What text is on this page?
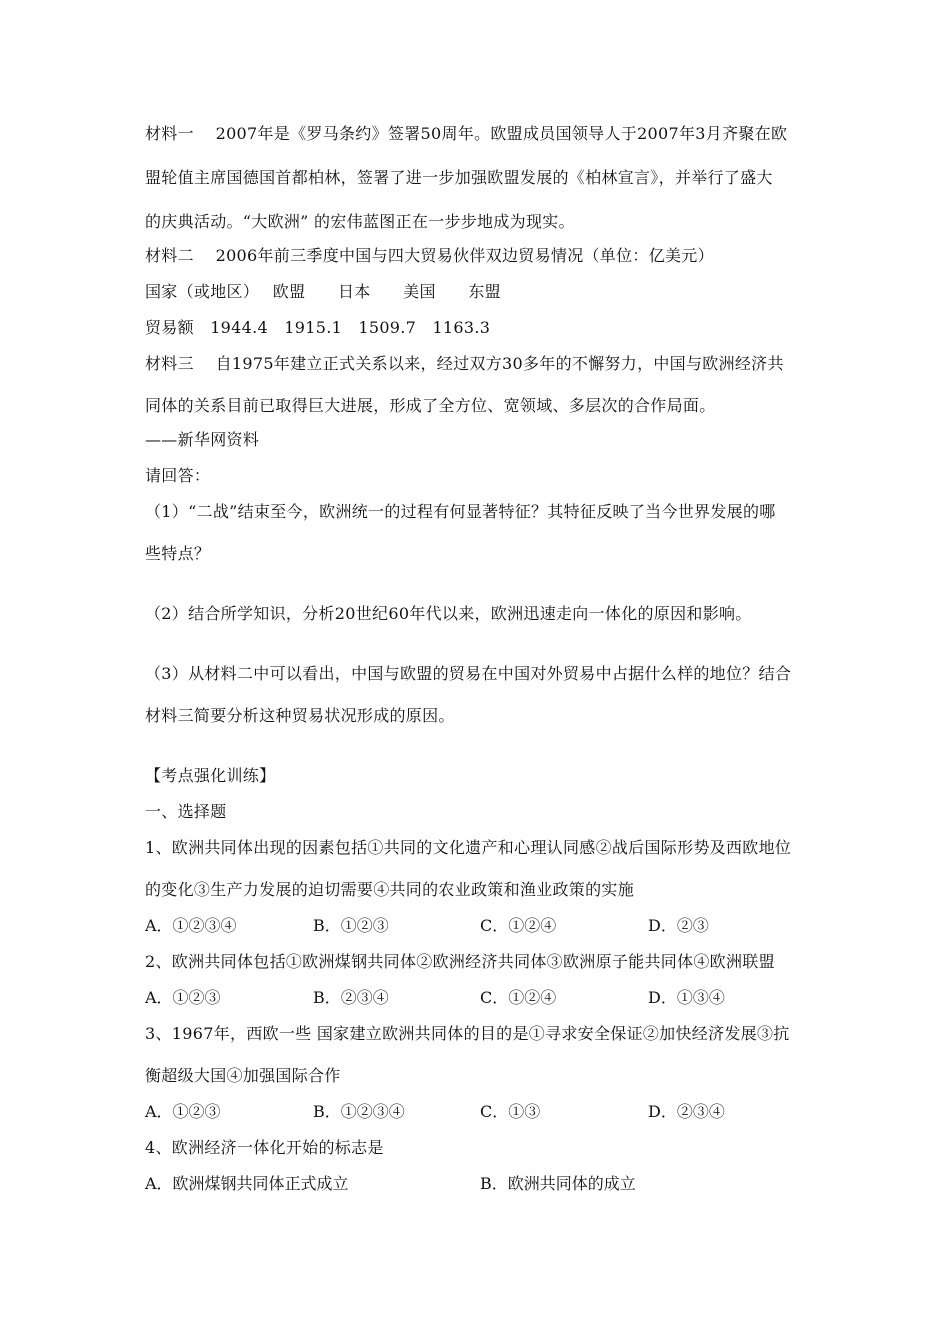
材料一　 2007年是《罗马条约》签署50周年。欧盟成员国领导人于2007年3月齐聚在欧
盟轮值主席国德国首都柏林，签署了进一步加强欧盟发展的《柏林宣言》，并举行了盛大
的庆典活动。“大欧洲” 的宏伟蓝图正在一步步地成为现实。
材料二　 2006年前三季度中国与四大贸易伙伴双边贸易情况（单位：亿美元）
国家（或地区）　 欧盟　　日本　　美国　　东盟
贸易额　1944.4　1915.1　1509.7　1163.3
材料三　 自1975年建立正式关系以来，经过双方30多年的不懈努力，中国与欧洲经济共
同体的关系目前已取得巨大进展，形成了全方位、宽领域、多层次的合作局面。
——新华网资料
请回答：
（1）“二战”结束至今，欧洲统一的过程有何显著特征？其特征反映了当今世界发展的哪
些特点？
（2）结合所学知识，分析20世纪60年代以来，欧洲迅速走向一体化的原因和影响。
（3）从材料二中可以看出，中国与欧盟的贸易在中国对外贸易中占据什么样的地位？结合
材料三简要分析这种贸易状况形成的原因。
【考点强化训练】
一、选择题
1、欧洲共同体出现的因素包括①共同的文化遗产和心理认同感②战后国际形势及西欧地位
的变化③生产力发展的迫切需要④共同的农业政策和渔业政策的实施
A．①②③④	B．①②③	C．①②④	D．②③
2、欧洲共同体包括①欧洲煤钢共同体②欧洲经济共同体③欧洲原子能共同体④欧洲联盟
A．①②③	B．②③④	C．①②④	D．①③④
3、1967年，西欧一些 国家建立欧洲共同体的目的是①寻求安全保证②加快经济发展③抗
衡超级大国④加强国际合作
A．①②③	B．①②③④	C．①③	D．②③④
4、欧洲经济一体化开始的标志是
A．欧洲煤钢共同体正式成立	B．欧洲共同体的成立
